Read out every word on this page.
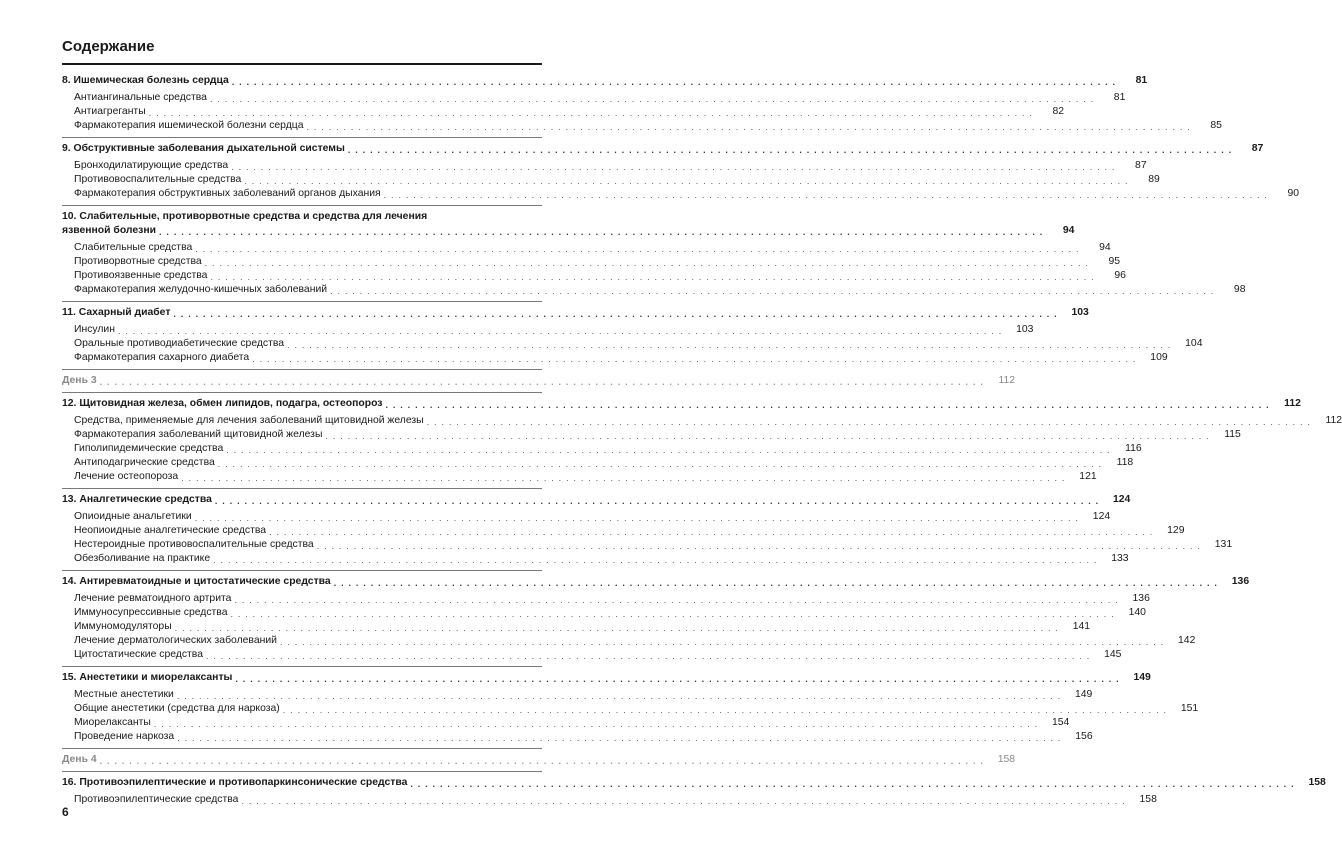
Содержание
8. Ишемическая болезнь сердца . . . . . . . . . . . . . . . . . . . . . . . . . . . . . . . . . . . . . . . . . . . . . . . . . . . . . . . . . . . . . . . . . . . . . . . . . . . . . . . . . . . . . . . . . . . . . . . . . . . . . . . . . . . . . . . . . . . . . . . .	81
Антиангинальные средства . . . . . . . . . . . . . . . . . . . . . . . . . . . . . . . . . . . . . . . . . . . . . . . . . . . . . . . . . . . . . . . . . . . . . . . . . . . . . . . . . . . . . . . . . . . . . . . . . . . . . . . . . . . . . . . . . . . . . . . .	81
Антиагреганты . . . . . . . . . . . . . . . . . . . . . . . . . . . . . . . . . . . . . . . . . . . . . . . . . . . . . . . . . . . . . . . . . . . . . . . . . . . . . . . . . . . . . . . . . . . . . . . . . . . . . . . . . . . . . . . . . . . . . . . .	82
Фармакотерапия ишемической болезни сердца . . . . . . . . . . . . . . . . . . . . . . . . . . . . . . . . . . . . . . . . . . . . . . . . . . . . . . . . . . . . . . . . . . . . . . . . . . . . . . . . . . . . . . . . . . . . . . . . . . . . . . . . . . . . . . . . . . . . . . . .	85
9. Обструктивные заболевания дыхательной системы . . . . . . . . . . . . . . . . . . . . . . . . . . . . . . . . . . . . . . . . . . . . . . . . . . . . . . . . . . . . . . . . . . . . . . . . . . . . . . . . . . . . . . . . . . . . . . . . . . . . . . . . . . . . . . . . . . . . . . . .	87
Бронходилатирующие средства . . . . . . . . . . . . . . . . . . . . . . . . . . . . . . . . . . . . . . . . . . . . . . . . . . . . . . . . . . . . . . . . . . . . . . . . . . . . . . . . . . . . . . . . . . . . . . . . . . . . . . . . . . . . . . . . . . . . . . . .	87
Противовоспалительные средства . . . . . . . . . . . . . . . . . . . . . . . . . . . . . . . . . . . . . . . . . . . . . . . . . . . . . . . . . . . . . . . . . . . . . . . . . . . . . . . . . . . . . . . . . . . . . . . . . . . . . . . . . . . . . . . . . . . . . . . .	89
Фармакотерапия обструктивных заболеваний органов дыхания . . . . . . . . . . . . . . . . . . . . . . . . . . . . . . . . . . . . . . . . . . . . . . . . . . . . . . . . . . . . . . . . . . . . . . . . . . . . . . . . . . . . . . . . . . . . . . . . . . . . . . . . . . . . . . . . . . . . . . . .	90
10. Слабительные, противорвотные средства и средства для лечения
язвенной болезни . . . . . . . . . . . . . . . . . . . . . . . . . . . . . . . . . . . . . . . . . . . . . . . . . . . . . . . . . . . . . . . . . . . . . . . . . . . . . . . . . . . . . . . . . . . . . . . . . . . . . . . . . . . . . . . . . . . . . . . .	94
Слабительные средства . . . . . . . . . . . . . . . . . . . . . . . . . . . . . . . . . . . . . . . . . . . . . . . . . . . . . . . . . . . . . . . . . . . . . . . . . . . . . . . . . . . . . . . . . . . . . . . . . . . . . . . . . . . . . . . . . . . . . . . .	94
Противорвотные средства . . . . . . . . . . . . . . . . . . . . . . . . . . . . . . . . . . . . . . . . . . . . . . . . . . . . . . . . . . . . . . . . . . . . . . . . . . . . . . . . . . . . . . . . . . . . . . . . . . . . . . . . . . . . . . . . . . . . . . . .	95
Противоязвенные средства . . . . . . . . . . . . . . . . . . . . . . . . . . . . . . . . . . . . . . . . . . . . . . . . . . . . . . . . . . . . . . . . . . . . . . . . . . . . . . . . . . . . . . . . . . . . . . . . . . . . . . . . . . . . . . . . . . . . . . . .	96
Фармакотерапия желудочно-кишечных заболеваний . . . . . . . . . . . . . . . . . . . . . . . . . . . . . . . . . . . . . . . . . . . . . . . . . . . . . . . . . . . . . . . . . . . . . . . . . . . . . . . . . . . . . . . . . . . . . . . . . . . . . . . . . . . . . . . . . . . . . . . .	98
11. Сахарный диабет . . . . . . . . . . . . . . . . . . . . . . . . . . . . . . . . . . . . . . . . . . . . . . . . . . . . . . . . . . . . . . . . . . . . . . . . . . . . . . . . . . . . . . . . . . . . . . . . . . . . . . . . . . . . . . . . . . . . . . . .	103
Инсулин . . . . . . . . . . . . . . . . . . . . . . . . . . . . . . . . . . . . . . . . . . . . . . . . . . . . . . . . . . . . . . . . . . . . . . . . . . . . . . . . . . . . . . . . . . . . . . . . . . . . . . . . . . . . . . . . . . . . . . . .	103
Оральные противодиабетические средства . . . . . . . . . . . . . . . . . . . . . . . . . . . . . . . . . . . . . . . . . . . . . . . . . . . . . . . . . . . . . . . . . . . . . . . . . . . . . . . . . . . . . . . . . . . . . . . . . . . . . . . . . . . . . . . . . . . . . . . .	104
Фармакотерапия сахарного диабета . . . . . . . . . . . . . . . . . . . . . . . . . . . . . . . . . . . . . . . . . . . . . . . . . . . . . . . . . . . . . . . . . . . . . . . . . . . . . . . . . . . . . . . . . . . . . . . . . . . . . . . . . . . . . . . . . . . . . . . .	109
День 3 . . . . . . . . . . . . . . . . . . . . . . . . . . . . . . . . . . . . . . . . . . . . . . . . . . . . . . . . . . . . . . . . . . . . . . . . . . . . . . . . . . . . . . . . . . . . . . . . . . . . . . . . . . . . . . . . . . . . . . . .	112
12. Щитовидная железа, обмен липидов, подагра, остеопороз . . . . . . . . . . . . . . . . . . . . . . . . . . . . . . . . . . . . . . . . . . . . . . . . . . . . . . . . . . . . . . . . . . . . . . . . . . . . . . . . . . . . . . . . . . . . . . . . . . . . . . . . . . . . . . . . . . . . . . . .	112
Средства, применяемые для лечения заболеваний щитовидной железы . . . . . . . . . . . . . . . . . . . . . . . . . . . . . . . . . . . . . . . . . . . . . . . . . . . . . . . . . . . . . . . . . . . . . . . . . . . . . . . . . . . . . . . . . . . . . . . . . . . . . . . . . . . . . . . . . . . . . . . .	112
Фармакотерапия заболеваний щитовидной железы . . . . . . . . . . . . . . . . . . . . . . . . . . . . . . . . . . . . . . . . . . . . . . . . . . . . . . . . . . . . . . . . . . . . . . . . . . . . . . . . . . . . . . . . . . . . . . . . . . . . . . . . . . . . . . . . . . . . . . . .	115
Гиполипидемические средства . . . . . . . . . . . . . . . . . . . . . . . . . . . . . . . . . . . . . . . . . . . . . . . . . . . . . . . . . . . . . . . . . . . . . . . . . . . . . . . . . . . . . . . . . . . . . . . . . . . . . . . . . . . . . . . . . . . . . . . .	116
Антиподагрические средства . . . . . . . . . . . . . . . . . . . . . . . . . . . . . . . . . . . . . . . . . . . . . . . . . . . . . . . . . . . . . . . . . . . . . . . . . . . . . . . . . . . . . . . . . . . . . . . . . . . . . . . . . . . . . . . . . . . . . . . .	118
Лечение остеопороза . . . . . . . . . . . . . . . . . . . . . . . . . . . . . . . . . . . . . . . . . . . . . . . . . . . . . . . . . . . . . . . . . . . . . . . . . . . . . . . . . . . . . . . . . . . . . . . . . . . . . . . . . . . . . . . . . . . . . . . .	121
13. Аналгетические средства . . . . . . . . . . . . . . . . . . . . . . . . . . . . . . . . . . . . . . . . . . . . . . . . . . . . . . . . . . . . . . . . . . . . . . . . . . . . . . . . . . . . . . . . . . . . . . . . . . . . . . . . . . . . . . . . . . . . . . . .	124
Опиоидные анальгетики . . . . . . . . . . . . . . . . . . . . . . . . . . . . . . . . . . . . . . . . . . . . . . . . . . . . . . . . . . . . . . . . . . . . . . . . . . . . . . . . . . . . . . . . . . . . . . . . . . . . . . . . . . . . . . . . . . . . . . . .	124
Неопиоидные аналгетические средства . . . . . . . . . . . . . . . . . . . . . . . . . . . . . . . . . . . . . . . . . . . . . . . . . . . . . . . . . . . . . . . . . . . . . . . . . . . . . . . . . . . . . . . . . . . . . . . . . . . . . . . . . . . . . . . . . . . . . . . .	129
Нестероидные противовоспалительные средства . . . . . . . . . . . . . . . . . . . . . . . . . . . . . . . . . . . . . . . . . . . . . . . . . . . . . . . . . . . . . . . . . . . . . . . . . . . . . . . . . . . . . . . . . . . . . . . . . . . . . . . . . . . . . . . . . . . . . . . .	131
Обезболивание на практике . . . . . . . . . . . . . . . . . . . . . . . . . . . . . . . . . . . . . . . . . . . . . . . . . . . . . . . . . . . . . . . . . . . . . . . . . . . . . . . . . . . . . . . . . . . . . . . . . . . . . . . . . . . . . . . . . . . . . . . .	133
14. Антиревматоидные и цитостатические средства . . . . . . . . . . . . . . . . . . . . . . . . . . . . . . . . . . . . . . . . . . . . . . . . . . . . . . . . . . . . . . . . . . . . . . . . . . . . . . . . . . . . . . . . . . . . . . . . . . . . . . . . . . . . . . . . . . . . . . . .	136
Лечение ревматоидного артрита . . . . . . . . . . . . . . . . . . . . . . . . . . . . . . . . . . . . . . . . . . . . . . . . . . . . . . . . . . . . . . . . . . . . . . . . . . . . . . . . . . . . . . . . . . . . . . . . . . . . . . . . . . . . . . . . . . . . . . . .	136
Иммуносупрессивные средства . . . . . . . . . . . . . . . . . . . . . . . . . . . . . . . . . . . . . . . . . . . . . . . . . . . . . . . . . . . . . . . . . . . . . . . . . . . . . . . . . . . . . . . . . . . . . . . . . . . . . . . . . . . . . . . . . . . . . . . .	140
Иммуномодуляторы . . . . . . . . . . . . . . . . . . . . . . . . . . . . . . . . . . . . . . . . . . . . . . . . . . . . . . . . . . . . . . . . . . . . . . . . . . . . . . . . . . . . . . . . . . . . . . . . . . . . . . . . . . . . . . . . . . . . . . . .	141
Лечение дерматологических заболеваний . . . . . . . . . . . . . . . . . . . . . . . . . . . . . . . . . . . . . . . . . . . . . . . . . . . . . . . . . . . . . . . . . . . . . . . . . . . . . . . . . . . . . . . . . . . . . . . . . . . . . . . . . . . . . . . . . . . . . . . .	142
Цитостатические средства . . . . . . . . . . . . . . . . . . . . . . . . . . . . . . . . . . . . . . . . . . . . . . . . . . . . . . . . . . . . . . . . . . . . . . . . . . . . . . . . . . . . . . . . . . . . . . . . . . . . . . . . . . . . . . . . . . . . . . . .	145
15. Анестетики и миорелаксанты . . . . . . . . . . . . . . . . . . . . . . . . . . . . . . . . . . . . . . . . . . . . . . . . . . . . . . . . . . . . . . . . . . . . . . . . . . . . . . . . . . . . . . . . . . . . . . . . . . . . . . . . . . . . . . . . . . . . . . . .	149
Местные анестетики . . . . . . . . . . . . . . . . . . . . . . . . . . . . . . . . . . . . . . . . . . . . . . . . . . . . . . . . . . . . . . . . . . . . . . . . . . . . . . . . . . . . . . . . . . . . . . . . . . . . . . . . . . . . . . . . . . . . . . . .	149
Общие анестетики (средства для наркоза) . . . . . . . . . . . . . . . . . . . . . . . . . . . . . . . . . . . . . . . . . . . . . . . . . . . . . . . . . . . . . . . . . . . . . . . . . . . . . . . . . . . . . . . . . . . . . . . . . . . . . . . . . . . . . . . . . . . . . . . .	151
Миорелаксанты . . . . . . . . . . . . . . . . . . . . . . . . . . . . . . . . . . . . . . . . . . . . . . . . . . . . . . . . . . . . . . . . . . . . . . . . . . . . . . . . . . . . . . . . . . . . . . . . . . . . . . . . . . . . . . . . . . . . . . . .	154
Проведение наркоза . . . . . . . . . . . . . . . . . . . . . . . . . . . . . . . . . . . . . . . . . . . . . . . . . . . . . . . . . . . . . . . . . . . . . . . . . . . . . . . . . . . . . . . . . . . . . . . . . . . . . . . . . . . . . . . . . . . . . . . .	156
День 4 . . . . . . . . . . . . . . . . . . . . . . . . . . . . . . . . . . . . . . . . . . . . . . . . . . . . . . . . . . . . . . . . . . . . . . . . . . . . . . . . . . . . . . . . . . . . . . . . . . . . . . . . . . . . . . . . . . . . . . . .	158
16. Противоэпилептические и противопаркинсонические средства . . . . . . . . . . . . . . . . . . . . . . . . . . . . . . . . . . . . . . . . . . . . . . . . . . . . . . . . . . . . . . . . . . . . . . . . . . . . . . . . . . . . . . . . . . . . . . . . . . . . . . . . . . . . . . . . . . . . . . . .	158
Противоэпилептические средства . . . . . . . . . . . . . . . . . . . . . . . . . . . . . . . . . . . . . . . . . . . . . . . . . . . . . . . . . . . . . . . . . . . . . . . . . . . . . . . . . . . . . . . . . . . . . . . . . . . . . . . . . . . . . . . . . . . . . . . .	158
6
